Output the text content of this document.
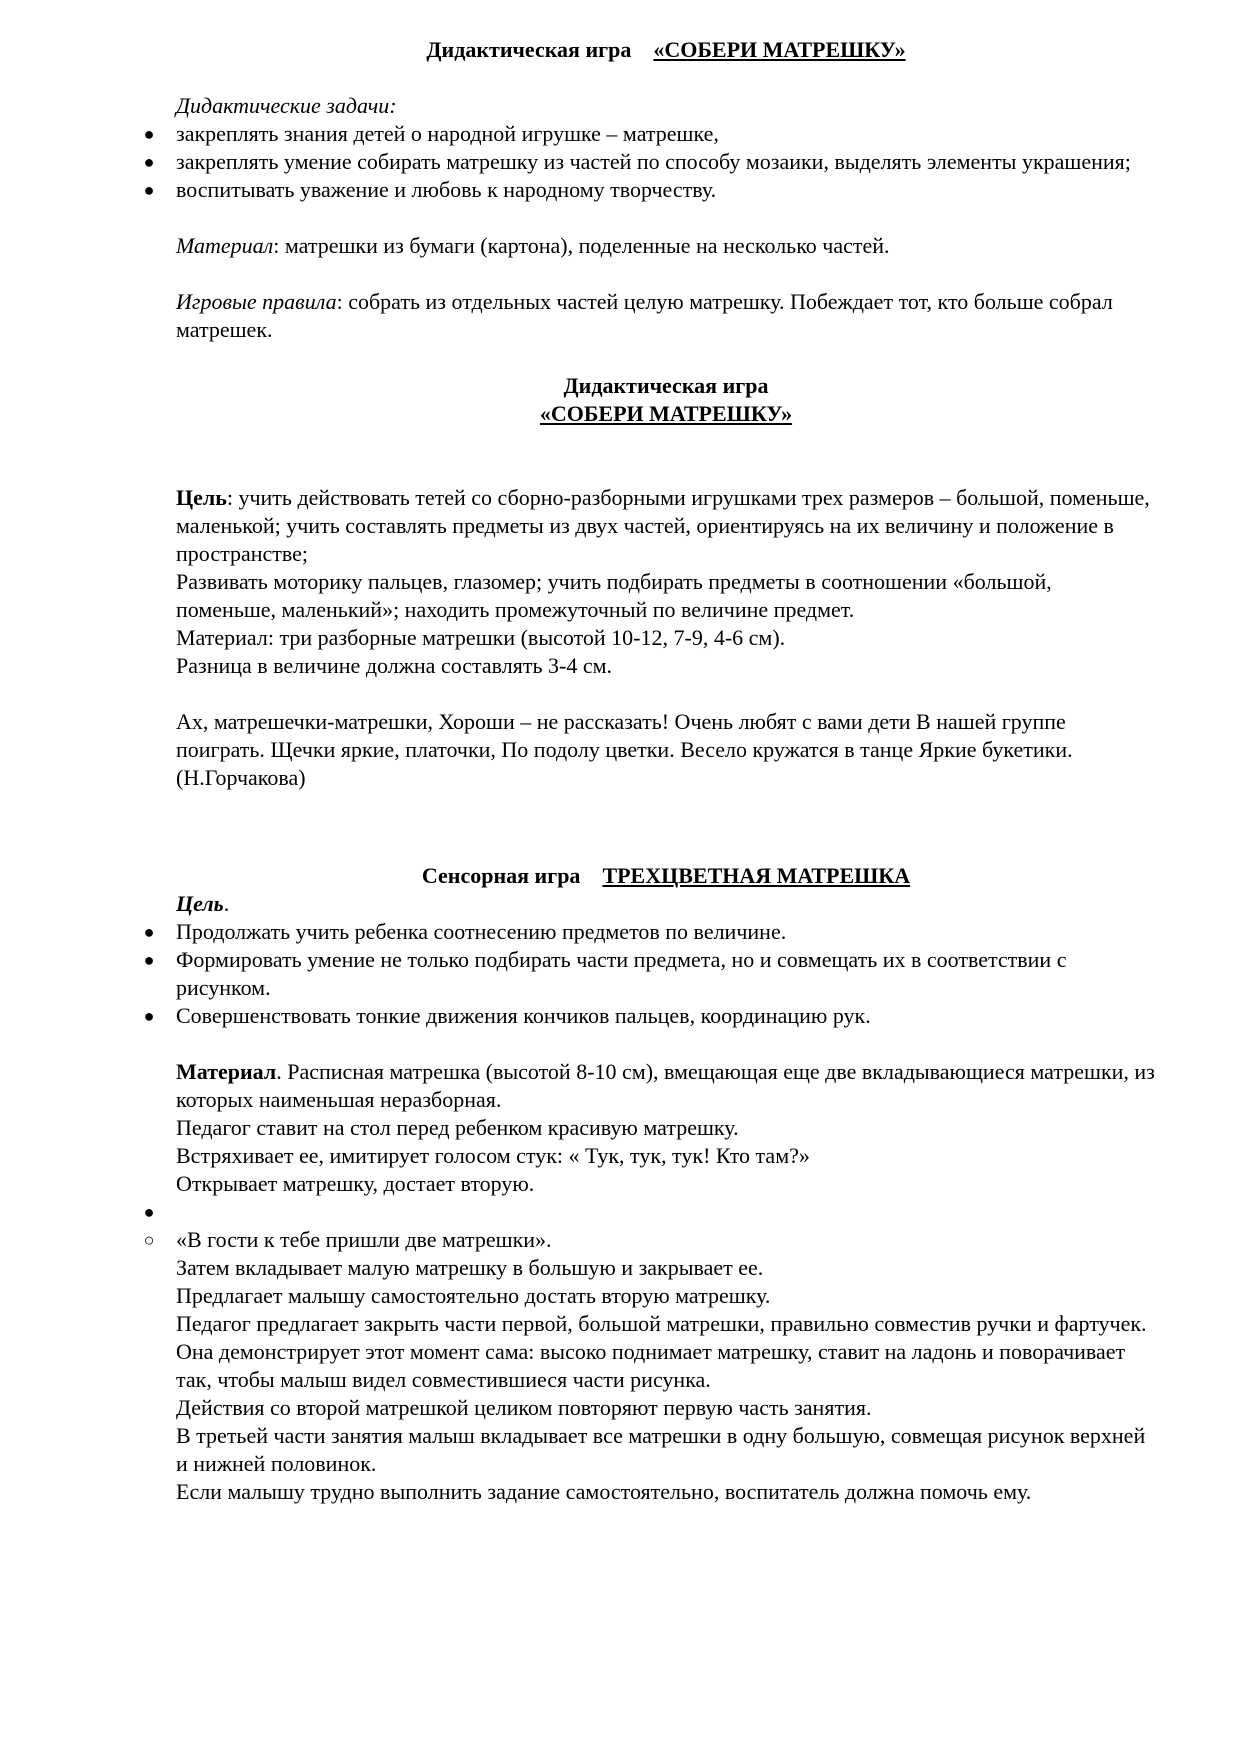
Дидактическая игра «СОБЕРИ МАТРЕШКУ»

Дидактические задачи:

● закреплять знания детей о народной игрушке – матрешке,
● закреплять умение собирать матрешку из частей по способу мозаики, выделять элементы украшения;
● воспитывать уважение и любовь к народному творчеству.

Материал: матрешки из бумаги (картона), поделенные на несколько частей.

Игровые правила: собрать из отдельных частей целую матрешку. Побеждает тот, кто больше собрал матрешек.

Дидактическая игра

«СОБЕРИ МАТРЕШКУ»

Цель: учить действовать тетей со сборно-разборными игрушками трех размеров – большой, поменьше, маленькой; учить составлять предметы из двух частей, ориентируясь на их величину и положение в пространстве;

Развивать моторику пальцев, глазомер; учить подбирать предметы в соотношении «большой, поменьше, маленький»; находить промежуточный по величине предмет.

Материал: три разборные матрешки (высотой 10-12, 7-9, 4-6 см).

Разница в величине должна составлять 3-4 см.

Ах, матрешечки-матрешки, Хороши – не рассказать! Очень любят с вами дети В нашей группе поиграть. Щечки яркие, платочки, По подолу цветки. Весело кружатся в танце Яркие букетики. (Н.Горчакова)

Сенсорная игра ТРЕХЦВЕТНАЯ МАТРЕШКА

Цель.

● Продолжать учить ребенка соотнесению предметов по величине.
● Формировать умение не только подбирать части предмета, но и совмещать их в соответствии с рисунком.
● Совершенствовать тонкие движения кончиков пальцев, координацию рук.

Материал. Расписная матрешка (высотой 8-10 см), вмещающая еще две вкладывающиеся матрешки, из которых наименьшая неразборная.

Педагог ставит на стол перед ребенком красивую матрешку.

Встряхивает ее, имитирует голосом стук: « Тук, тук, тук! Кто там?»

Открывает матрешку, достает вторую.

●

○ «В гости к тебе пришли две матрешки».

Затем вкладывает малую матрешку в большую и закрывает ее.

Предлагает малышу самостоятельно достать вторую матрешку.

Педагог предлагает закрыть части первой, большой матрешки, правильно совместив ручки и фартучек. Она демонстрирует этот момент сама: высоко поднимает матрешку, ставит на ладонь и поворачивает так, чтобы малыш видел совместившиеся части рисунка.

Действия со второй матрешкой целиком повторяют первую часть занятия.

В третьей части занятия малыш вкладывает все матрешки в одну большую, совмещая рисунок верхней и нижней половинок.

Если малышу трудно выполнить задание самостоятельно, воспитатель должна помочь ему.
